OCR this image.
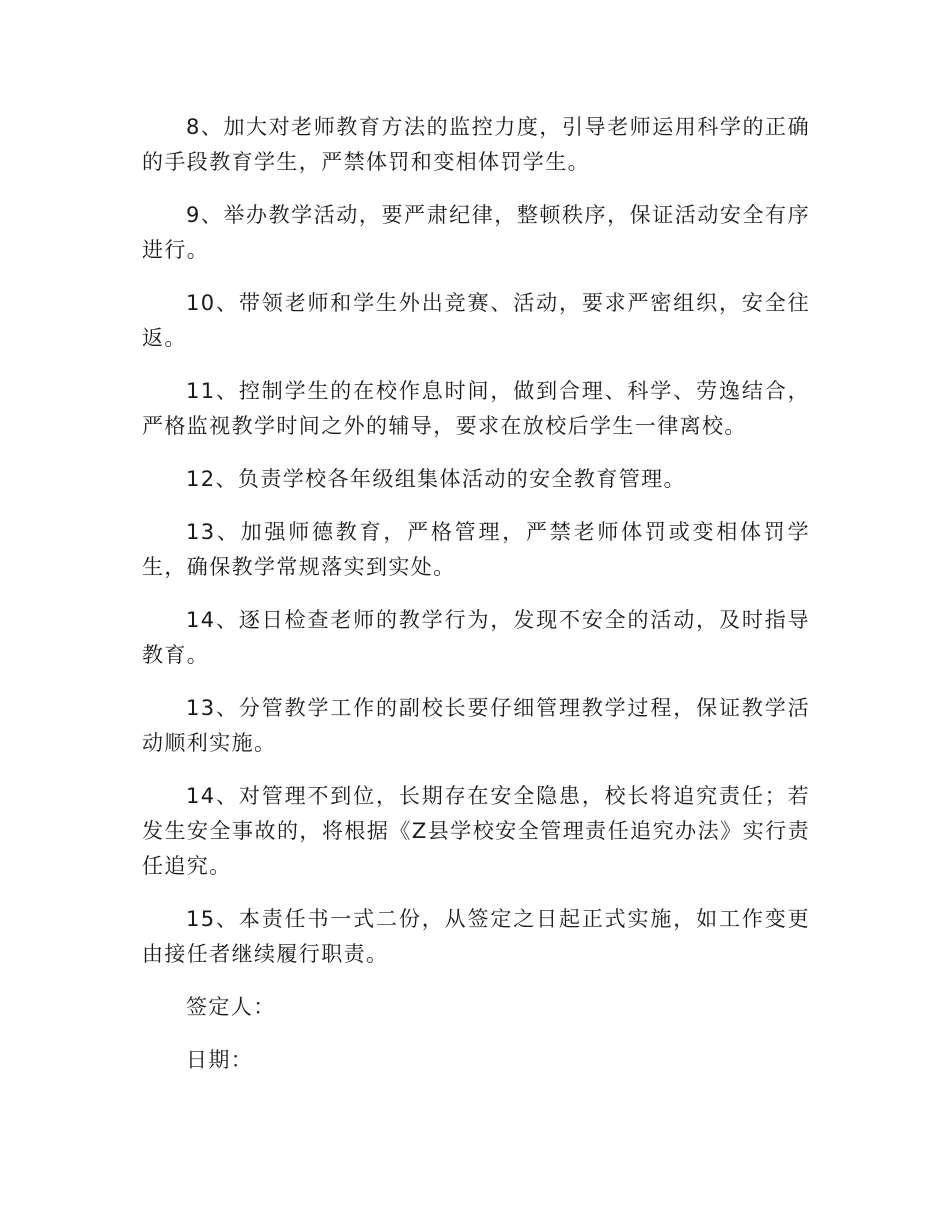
8、加大对老师教育方法的监控力度，引导老师运用科学的正确的手段教育学生，严禁体罚和变相体罚学生。

9、举办教学活动，要严肃纪律，整顿秩序，保证活动安全有序进行。

10、带领老师和学生外出竞赛、活动，要求严密组织，安全往返。

11、控制学生的在校作息时间，做到合理、科学、劳逸结合，严格监视教学时间之外的辅导，要求在放校后学生一律离校。

12、负责学校各年级组集体活动的安全教育管理。

13、加强师德教育，严格管理，严禁老师体罚或变相体罚学生，确保教学常规落实到实处。

14、逐日检查老师的教学行为，发现不安全的活动，及时指导教育。

13、分管教学工作的副校长要仔细管理教学过程，保证教学活动顺利实施。

14、对管理不到位，长期存在安全隐患，校长将追究责任；若发生安全事故的，将根据《Z县学校安全管理责任追究办法》实行责任追究。

15、本责任书一式二份，从签定之日起正式实施，如工作变更由接任者继续履行职责。

签定人：

日期：
